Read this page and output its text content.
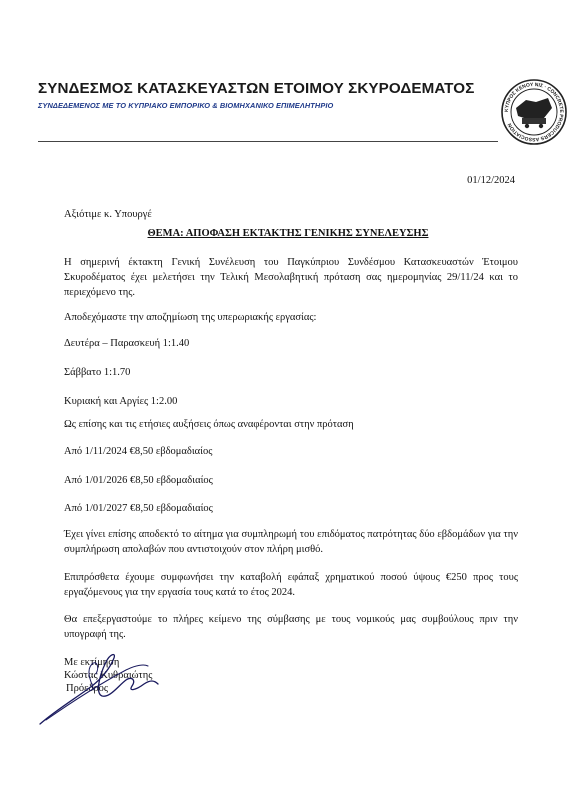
ΣΥΝΔΕΣΜΟΣ ΚΑΤΑΣΚΕΥΑΣΤΩΝ ΕΤΟΙΜΟΥ ΣΚΥΡΟΔΕΜΑΤΟΣ
ΣΥΝΔΕΔΕΜΕΝΟΣ ΜΕ ΤΟ ΚΥΠΡΙΑΚΟ ΕΜΠΟΡΙΚΟ & ΒΙΟΜΗΧΑΝΙΚΟ ΕΠΙΜΕΛΗΤΗΡΙΟ
ΚΥΠΡΟΣ ΚΕΝΟΥ ΝΙΣ · CONCRETE PRODUCERS ASSOCIATION
01/12/2024
Αξιότιμε κ. Υπουργέ
ΘΕΜΑ: ΑΠΟΦΑΣΗ ΕΚΤΑΚΤΗΣ ΓΕΝΙΚΗΣ ΣΥΝΕΛΕΥΣΗΣ
Η σημερινή έκτακτη Γενική Συνέλευση του Παγκύπριου Συνδέσμου Κατασκευαστών Έτοιμου Σκυροδέματος έχει μελετήσει την Τελική Μεσολαβητική πρόταση σας ημερομηνίας 29/11/24 και το περιεχόμενο της.
Αποδεχόμαστε την αποζημίωση της υπερωριακής εργασίας:
Δευτέρα – Παρασκευή 1:1.40
Σάββατο 1:1.70
Κυριακή και Αργίες 1:2.00
Ως επίσης και τις ετήσιες αυξήσεις όπως αναφέρονται στην πρόταση
Από 1/11/2024 €8,50 εβδομαδιαίος
Από 1/01/2026 €8,50 εβδομαδιαίος
Από 1/01/2027 €8,50 εβδομαδιαίος
Έχει γίνει επίσης αποδεκτό το αίτημα για συμπληρωμή του επιδόματος πατρότητας δύο εβδομάδων για την συμπλήρωση απολαβών που αντιστοιχούν στον πλήρη μισθό.
Επιπρόσθετα έχουμε συμφωνήσει την καταβολή εφάπαξ χρηματικού ποσού ύψους €250 προς τους εργαζόμενους για την εργασία τους κατά το έτος 2024.
Θα επεξεργαστούμε το πλήρες κείμενο της σύμβασης με τους νομικούς μας συμβούλους πριν την υπογραφή της.
Με εκτίμηση
Κώστας Κυθραιώτης
Πρόεδρος
